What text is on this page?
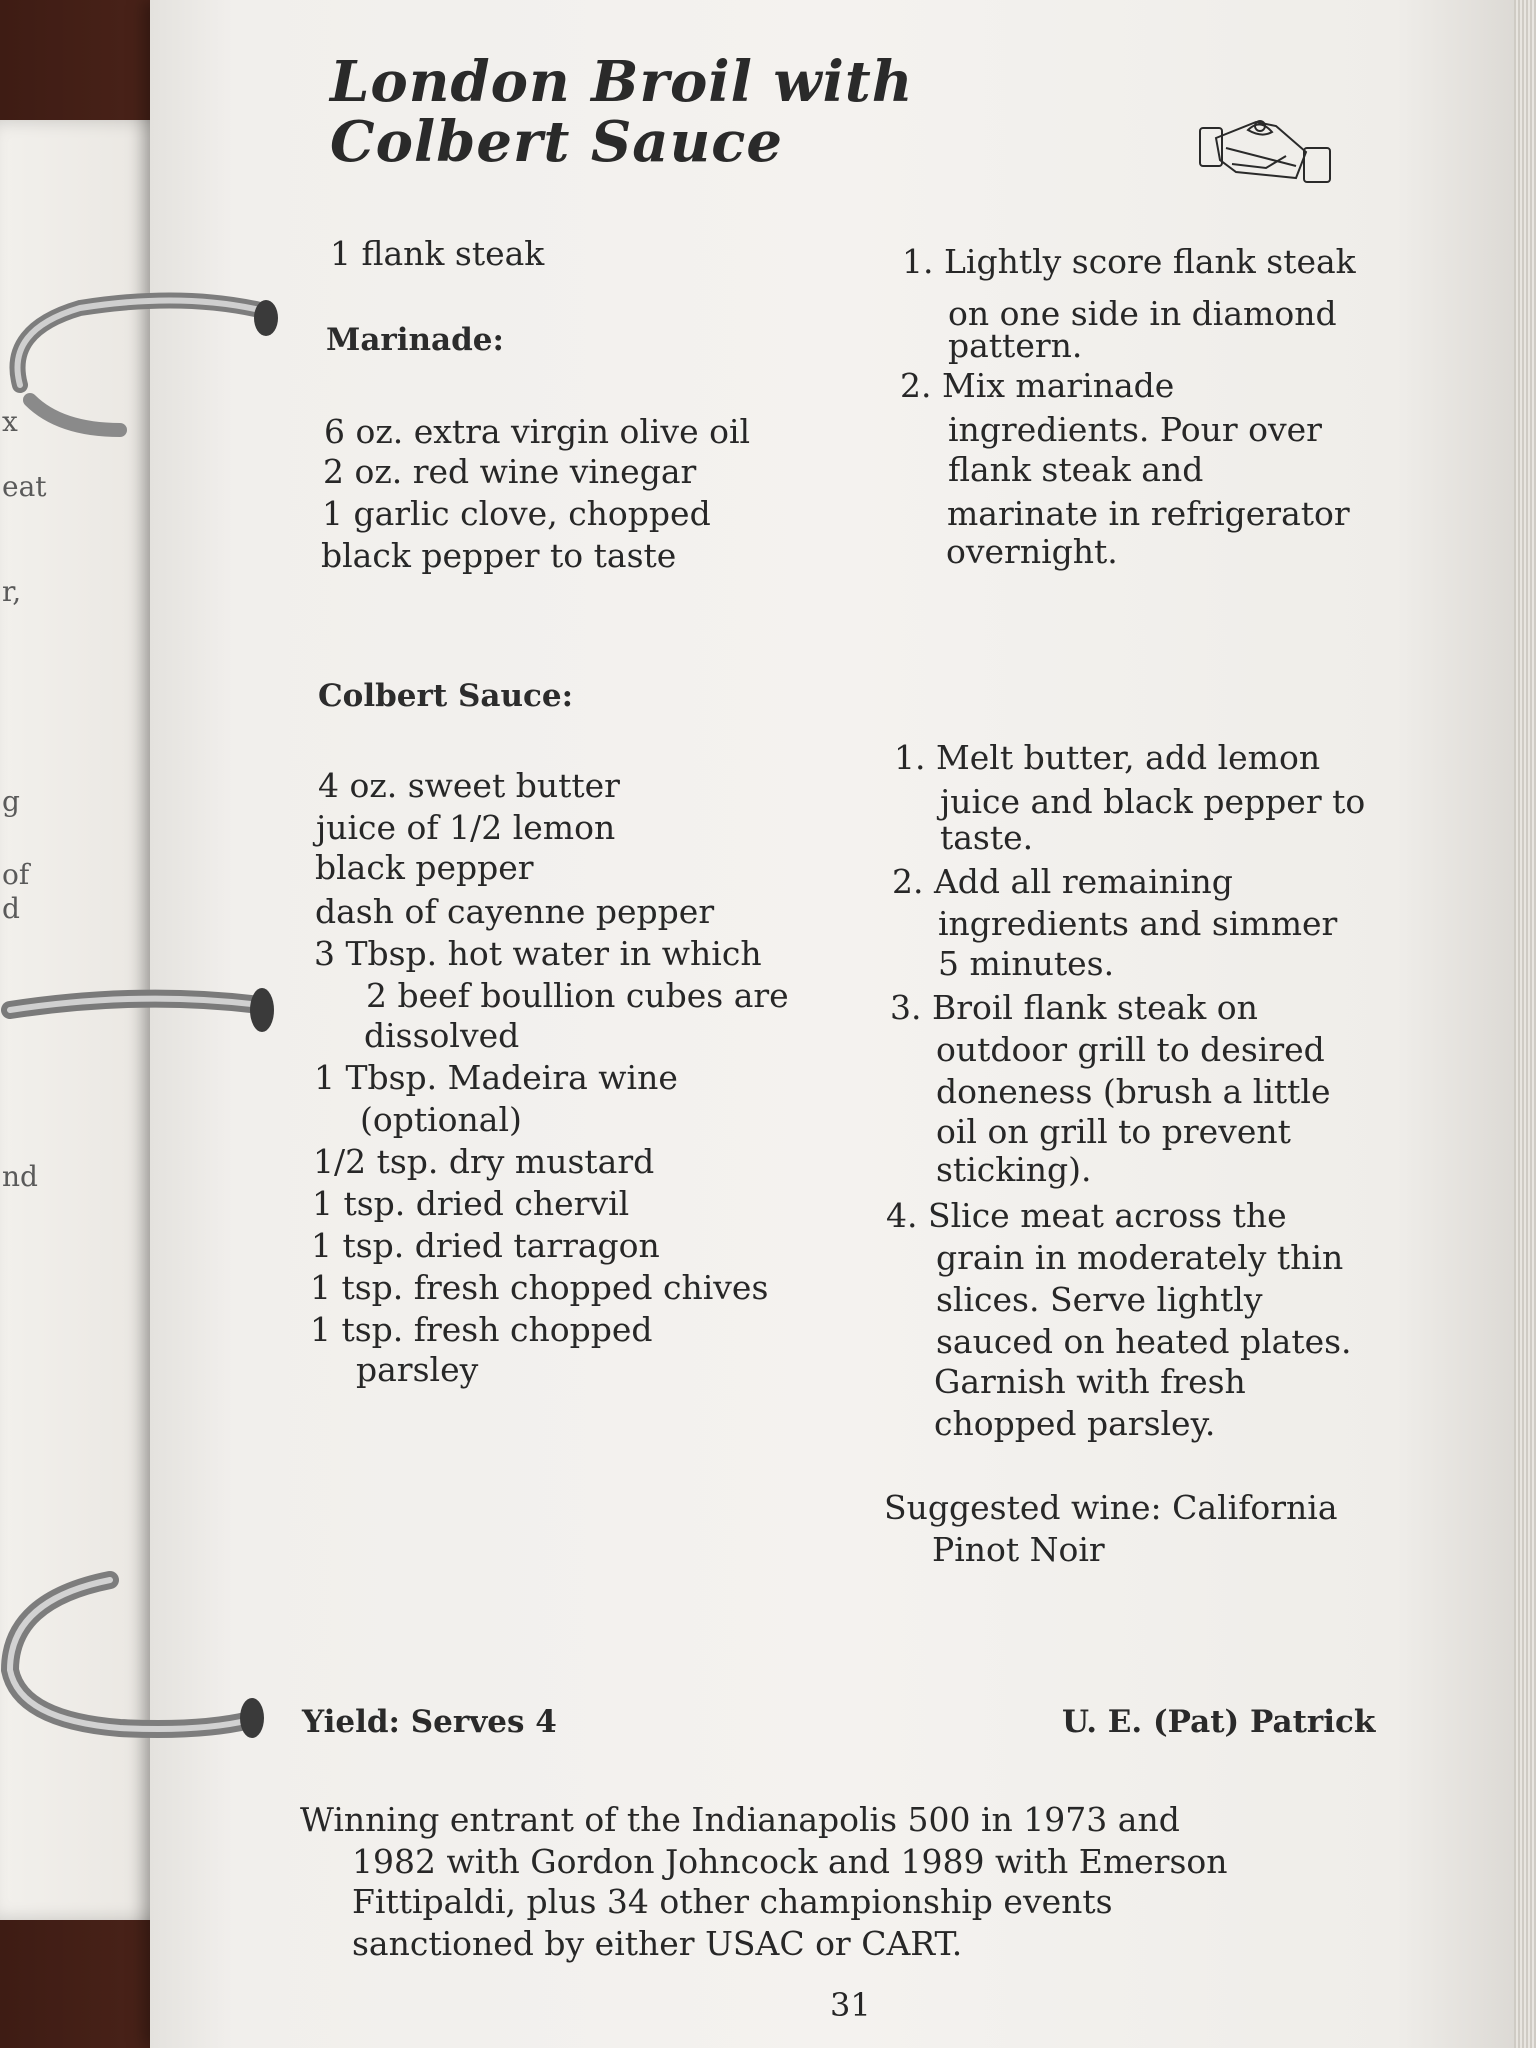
x
eat
r,
g
of
d
nd
London Broil with
Colbert Sauce
1 flank steak
Marinade:
6 oz. extra virgin olive oil
2 oz. red wine vinegar
1 garlic clove, chopped
black pepper to taste
1. Lightly score flank steak
on one side in diamond
pattern.
2. Mix marinade
ingredients. Pour over
flank steak and
marinate in refrigerator
overnight.
Colbert Sauce:
4 oz. sweet butter
juice of 1/2 lemon
black pepper
dash of cayenne pepper
3 Tbsp. hot water in which
2 beef boullion cubes are
dissolved
1 Tbsp. Madeira wine
(optional)
1/2 tsp. dry mustard
1 tsp. dried chervil
1 tsp. dried tarragon
1 tsp. fresh chopped chives
1 tsp. fresh chopped
parsley
1. Melt butter, add lemon
juice and black pepper to
taste.
2. Add all remaining
ingredients and simmer
5 minutes.
3. Broil flank steak on
outdoor grill to desired
doneness (brush a little
oil on grill to prevent
sticking).
4. Slice meat across the
grain in moderately thin
slices. Serve lightly
sauced on heated plates.
Garnish with fresh
chopped parsley.
Suggested wine: California
Pinot Noir
Yield: Serves 4	U. E. (Pat) Patrick
Winning entrant of the Indianapolis 500 in 1973 and
1982 with Gordon Johncock and 1989 with Emerson
Fittipaldi, plus 34 other championship events
sanctioned by either USAC or CART.
31
